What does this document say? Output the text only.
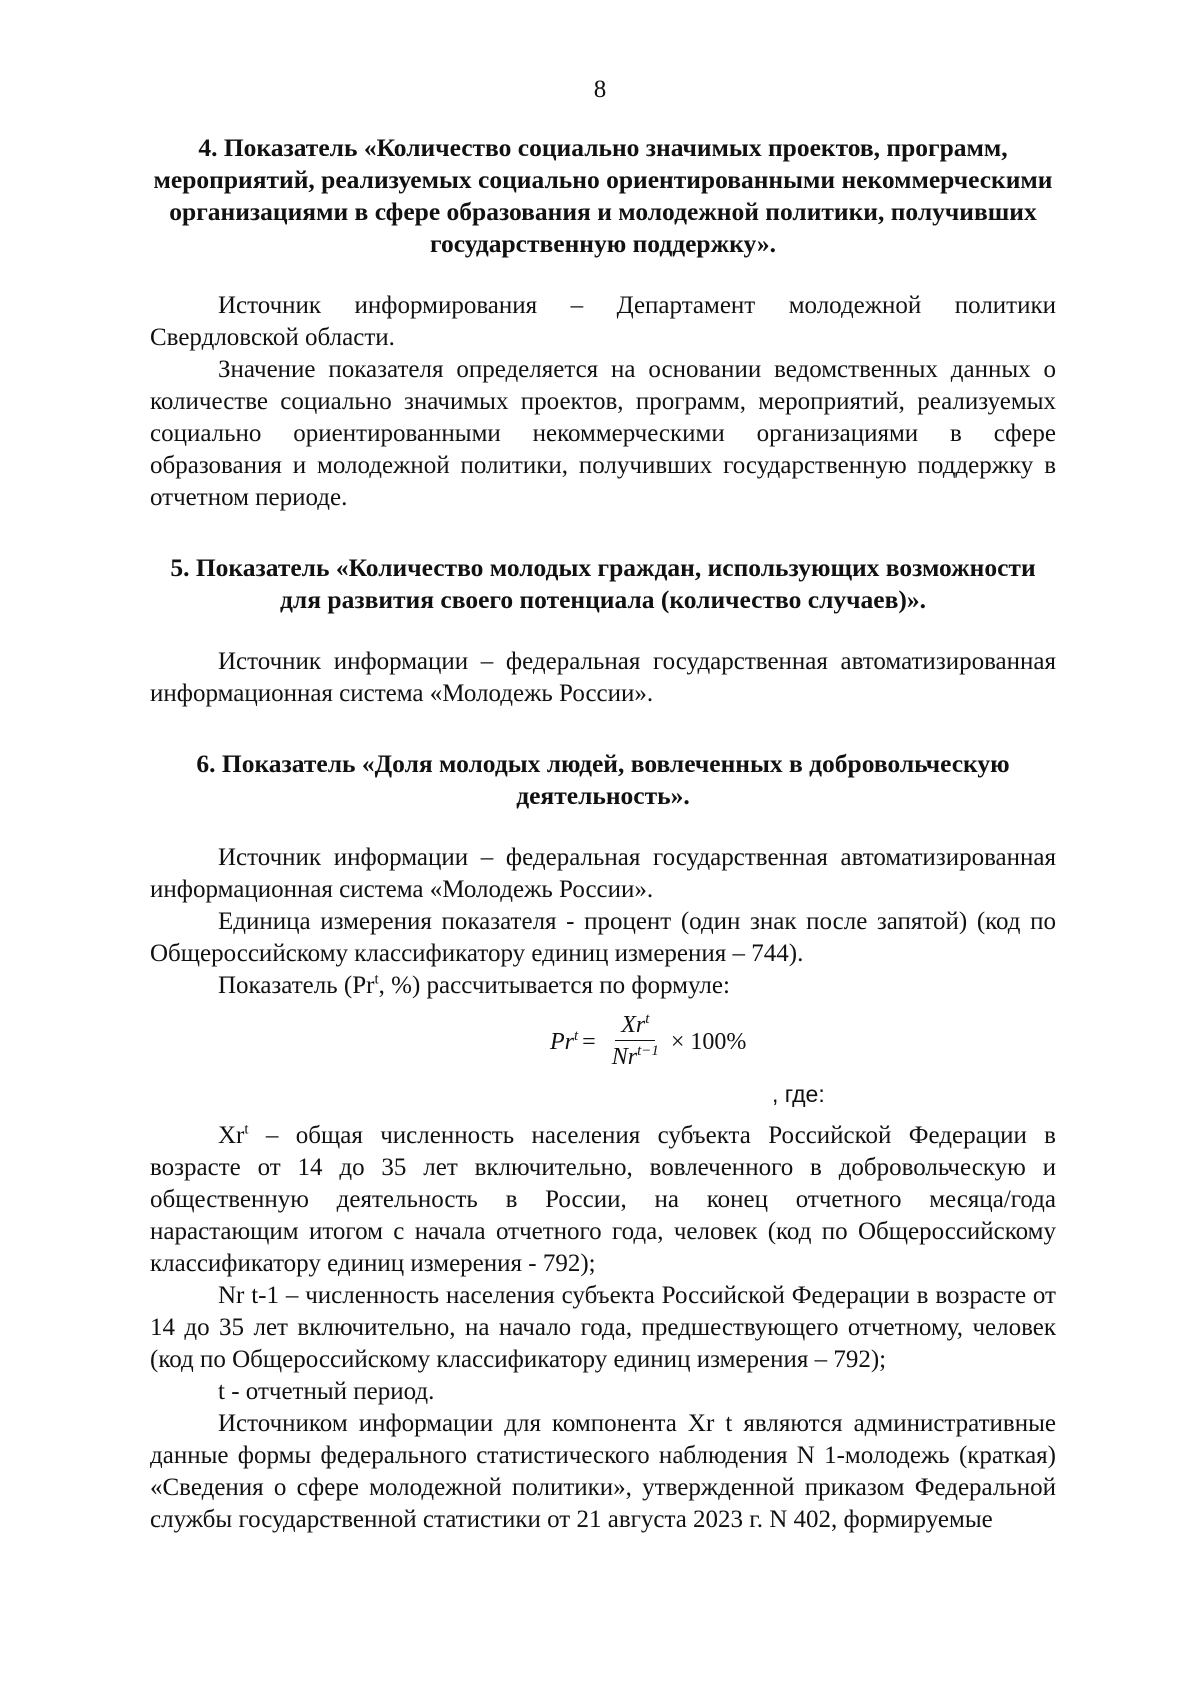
8

4. Показатель «Количество социально значимых проектов, программ, мероприятий, реализуемых социально ориентированными некоммерческими организациями в сфере образования и молодежной политики, получивших государственную поддержку».

Источник информирования – Департамент молодежной политики Свердловской области.

Значение показателя определяется на основании ведомственных данных о количестве социально значимых проектов, программ, мероприятий, реализуемых социально ориентированными некоммерческими организациями в сфере образования и молодежной политики, получивших государственную поддержку в отчетном периоде.

5. Показатель «Количество молодых граждан, использующих возможности для развития своего потенциала (количество случаев)».

Источник информации – федеральная государственная автоматизированная информационная система «Молодежь России».

6. Показатель «Доля молодых людей, вовлеченных в добровольческую деятельность».

Источник информации – федеральная государственная автоматизированная информационная система «Молодежь России».

Единица измерения показателя - процент (один знак после запятой) (код по Общероссийскому классификатору единиц измерения – 744).

Показатель (Pr$^t$, %) рассчитывается по формуле:

$Pr^t = \frac{Xr^t}{Nr^{t-1}} \times 100\%$
, где:

Xr$^t$ – общая численность населения субъекта Российской Федерации в возрасте от 14 до 35 лет включительно, вовлеченного в добровольческую и общественную деятельность в России, на конец отчетного месяца/года нарастающим итогом с начала отчетного года, человек (код по Общероссийскому классификатору единиц измерения - 792);

Nr t-1 – численность населения субъекта Российской Федерации в возрасте от 14 до 35 лет включительно, на начало года, предшествующего отчетному, человек (код по Общероссийскому классификатору единиц измерения – 792);

t - отчетный период.

Источником информации для компонента Xr t являются административные данные формы федерального статистического наблюдения N 1-молодежь (краткая) «Сведения о сфере молодежной политики», утвержденной приказом Федеральной службы государственной статистики от 21 августа 2023 г. N 402, формируемые
